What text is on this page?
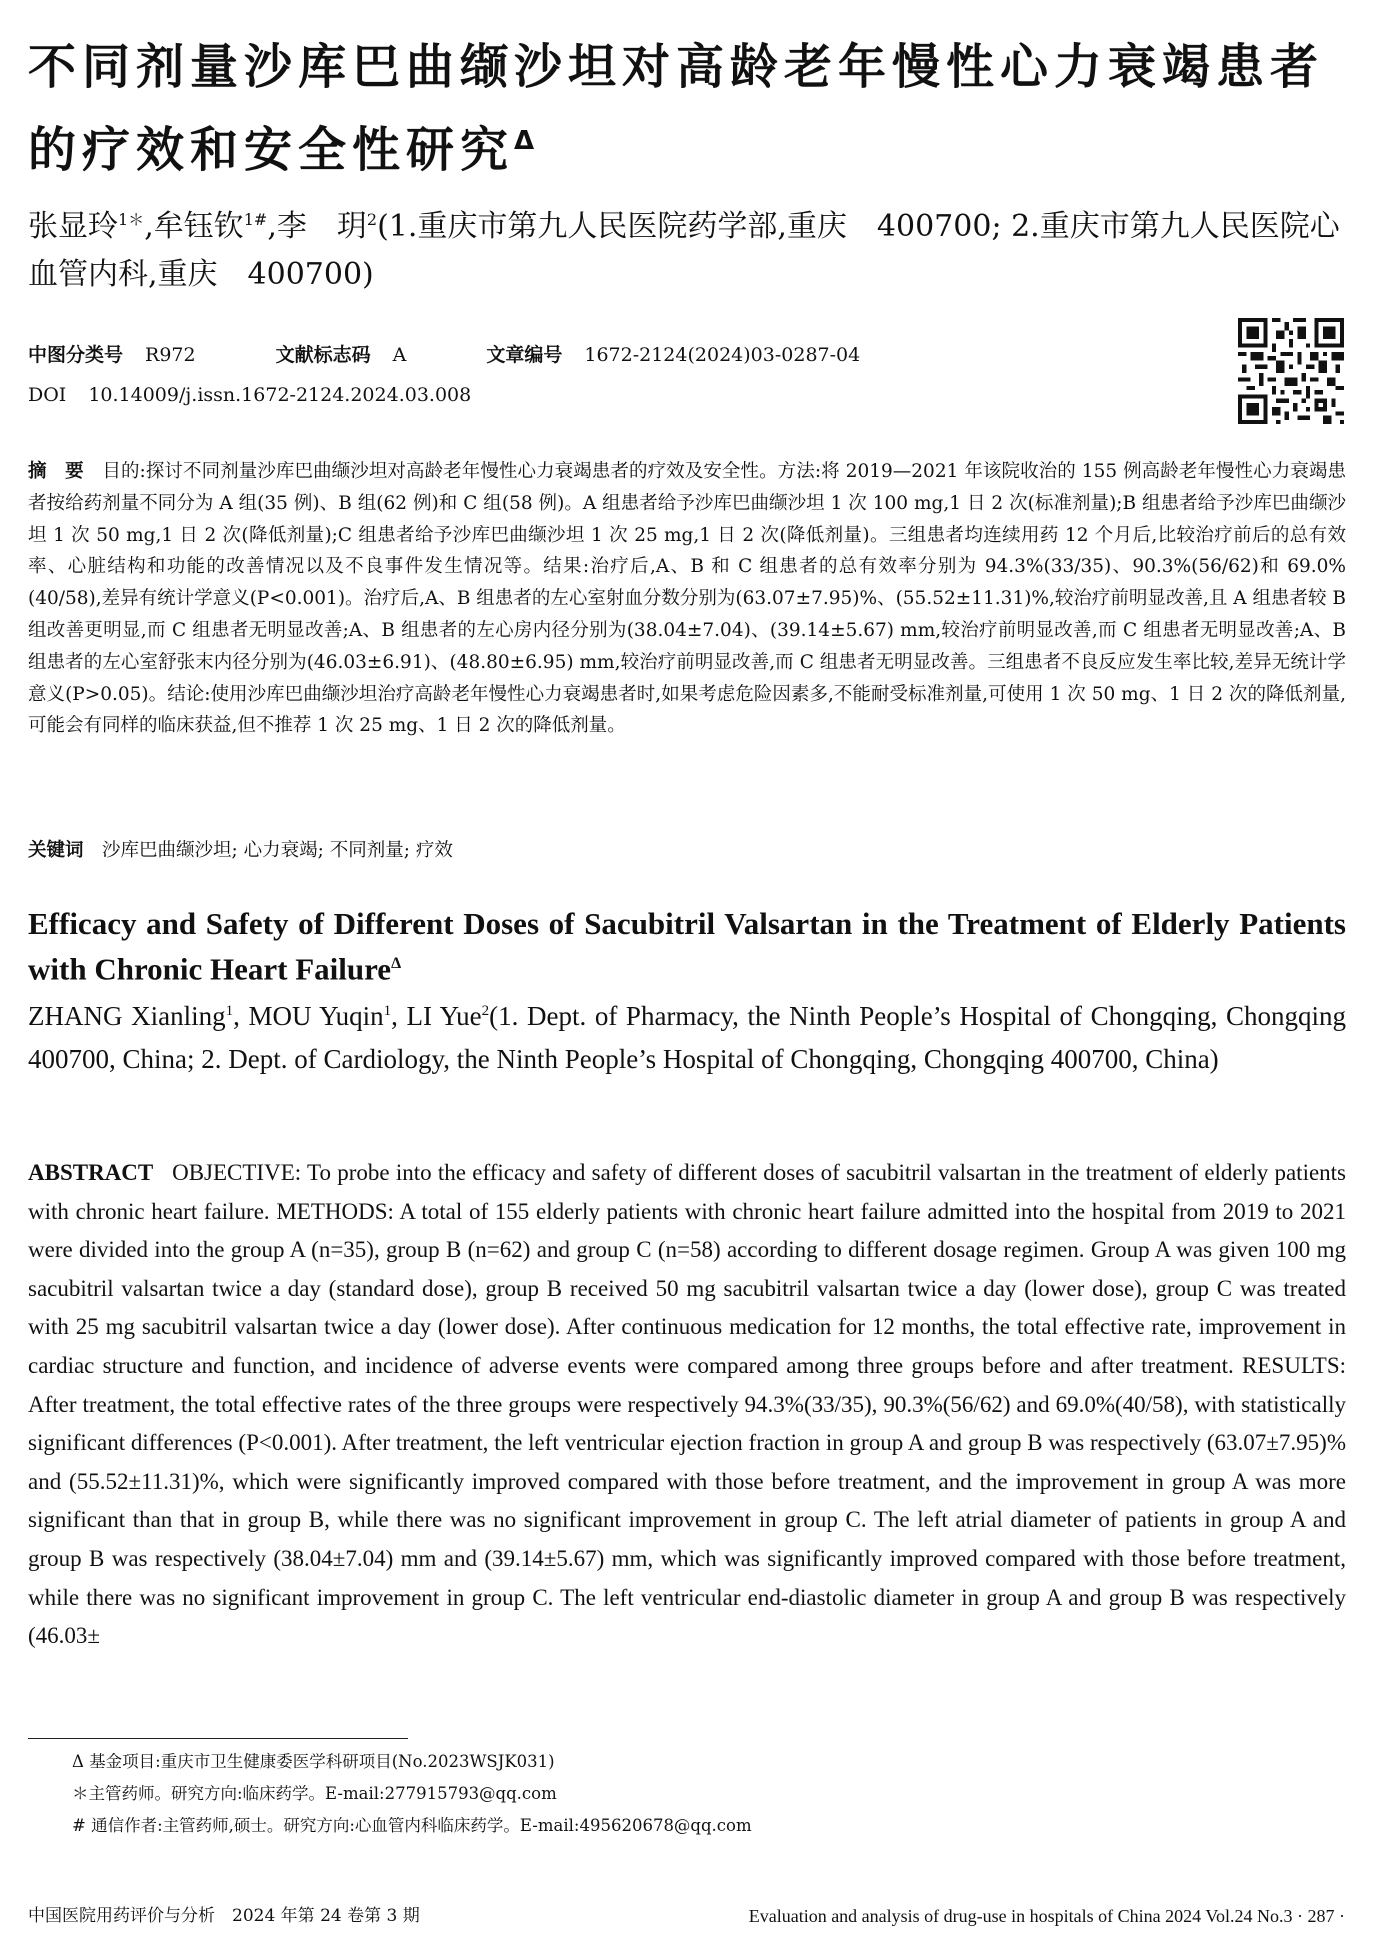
不同剂量沙库巴曲缬沙坦对高龄老年慢性心力衰竭患者的疗效和安全性研究$^\Delta$

张显玲$^{1*}$,牟钰钦$^{1\#}$,李　玥$^2$(1.重庆市第九人民医院药学部,重庆　400700; 2.重庆市第九人民医院心血管内科,重庆　400700)

中图分类号 R972	文献标志码 A	文章编号 1672-2124(2024)03-0287-04

DOI 10.14009/j.issn.1672-2124.2024.03.008

摘　要　 目的:探讨不同剂量沙库巴曲缬沙坦对高龄老年慢性心力衰竭患者的疗效及安全性。方法:将 2019—2021 年该院收治的 155 例高龄老年慢性心力衰竭患者按给药剂量不同分为 A 组(35 例)、B 组(62 例)和 C 组(58 例)。A 组患者给予沙库巴曲缬沙坦 1 次 100 mg,1 日 2 次(标准剂量);B 组患者给予沙库巴曲缬沙坦 1 次 50 mg,1 日 2 次(降低剂量);C 组患者给予沙库巴曲缬沙坦 1 次 25 mg,1 日 2 次(降低剂量)。三组患者均连续用药 12 个月后,比较治疗前后的总有效率、心脏结构和功能的改善情况以及不良事件发生情况等。结果:治疗后,A、B 和 C 组患者的总有效率分别为 94.3%(33/35)、90.3%(56/62)和 69.0%(40/58),差异有统计学意义(P<0.001)。治疗后,A、B 组患者的左心室射血分数分别为(63.07±7.95)%、(55.52±11.31)%,较治疗前明显改善,且 A 组患者较 B 组改善更明显,而 C 组患者无明显改善;A、B 组患者的左心房内径分别为(38.04±7.04)、(39.14±5.67) mm,较治疗前明显改善,而 C 组患者无明显改善;A、B 组患者的左心室舒张末内径分别为(46.03±6.91)、(48.80±6.95) mm,较治疗前明显改善,而 C 组患者无明显改善。三组患者不良反应发生率比较,差异无统计学意义(P>0.05)。结论:使用沙库巴曲缬沙坦治疗高龄老年慢性心力衰竭患者时,如果考虑危险因素多,不能耐受标准剂量,可使用 1 次 50 mg、1 日 2 次的降低剂量,可能会有同样的临床获益,但不推荐 1 次 25 mg、1 日 2 次的降低剂量。

关键词　 沙库巴曲缬沙坦; 心力衰竭; 不同剂量; 疗效

Efficacy and Safety of Different Doses of Sacubitril Valsartan in the Treatment of Elderly Patients with Chronic Heart Failure$^\Delta$

ZHANG Xianling$^1$, MOU Yuqin$^1$, LI Yue$^2$(1. Dept. of Pharmacy, the Ninth People’s Hospital of Chongqing, Chongqing 400700, China; 2. Dept. of Cardiology, the Ninth People’s Hospital of Chongqing, Chongqing 400700, China)

ABSTRACT OBJECTIVE: To probe into the efficacy and safety of different doses of sacubitril valsartan in the treatment of elderly patients with chronic heart failure. METHODS: A total of 155 elderly patients with chronic heart failure admitted into the hospital from 2019 to 2021 were divided into the group A (n=35), group B (n=62) and group C (n=58) according to different dosage regimen. Group A was given 100 mg sacubitril valsartan twice a day (standard dose), group B received 50 mg sacubitril valsartan twice a day (lower dose), group C was treated with 25 mg sacubitril valsartan twice a day (lower dose). After continuous medication for 12 months, the total effective rate, improvement in cardiac structure and function, and incidence of adverse events were compared among three groups before and after treatment. RESULTS: After treatment, the total effective rates of the three groups were respectively 94.3%(33/35), 90.3%(56/62) and 69.0%(40/58), with statistically significant differences (P<0.001). After treatment, the left ventricular ejection fraction in group A and group B was respectively (63.07±7.95)% and (55.52±11.31)%, which were significantly improved compared with those before treatment, and the improvement in group A was more significant than that in group B, while there was no significant improvement in group C. The left atrial diameter of patients in group A and group B was respectively (38.04±7.04) mm and (39.14±5.67) mm, which was significantly improved compared with those before treatment, while there was no significant improvement in group C. The left ventricular end-diastolic diameter in group A and group B was respectively (46.03±

Δ 基金项目:重庆市卫生健康委医学科研项目(No.2023WSJK031)
＊主管药师。研究方向:临床药学。E-mail:277915793@qq.com
# 通信作者:主管药师,硕士。研究方向:心血管内科临床药学。E-mail:495620678@qq.com

中国医院用药评价与分析　2024 年第 24 卷第 3 期	Evaluation and analysis of drug-use in hospitals of China 2024 Vol.24 No.3 · 287 ·
